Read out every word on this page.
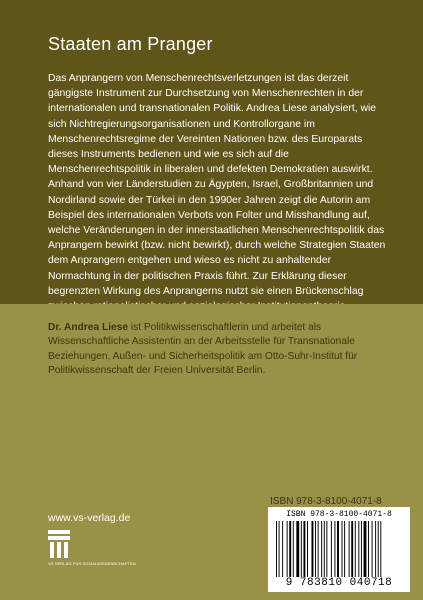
Staaten am Pranger

Das Anprangern von Menschenrechtsverletzungen ist das derzeit gängigste Instrument zur Durchsetzung von Menschenrechten in der internationalen und transnationalen Politik. Andrea Liese analysiert, wie sich Nichtregierungsorganisationen und Kontrollorgane im Menschenrechtsregime der Vereinten Nationen bzw. des Europarats dieses Instruments bedienen und wie es sich auf die Menschenrechtspolitik in liberalen und defekten Demokratien auswirkt. Anhand von vier Länderstudien zu Ägypten, Israel, Großbritannien und Nordirland sowie der Türkei in den 1990er Jahren zeigt die Autorin am Beispiel des internationalen Verbots von Folter und Misshandlung auf, welche Veränderungen in der innerstaatlichen Menschenrechtspolitik das Anprangern bewirkt (bzw. nicht bewirkt), durch welche Strategien Staaten dem Anprangern entgehen und wieso es nicht zu anhaltender Normachtung in der politischen Praxis führt. Zur Erklärung dieser begrenzten Wirkung des Anprangerns nutzt sie einen Brückenschlag

Dr. Andrea Liese ist Politikwissenschaftlerin und arbeitet als Wissenschaftliche Assistentin an der Arbeitsstelle für Transnationale Beziehungen, Außen- und Sicherheitspolitik am Otto-Suhr-Institut für Politikwissenschaft der Freien Universität Berlin.
www.vs-verlag.de
VS VERLAG FÜR SOZIALWISSENSCHAFTEN
ISBN 978-3-8100-4071-8
ISBN 978-3-8100-4071-8
9 783810 040718
